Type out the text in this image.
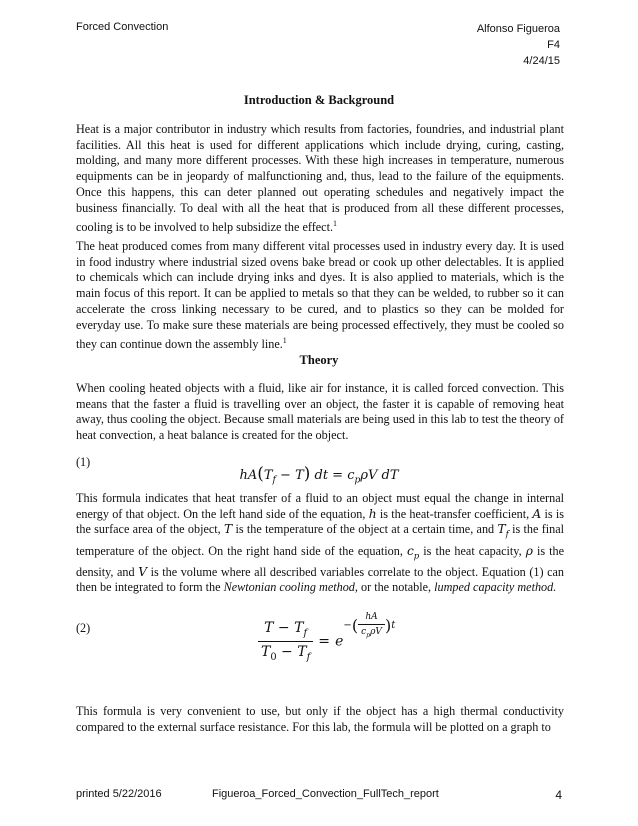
Forced Convection	Alfonso Figueroa
F4
4/24/15
Introduction & Background
Heat is a major contributor in industry which results from factories, foundries, and industrial plant facilities. All this heat is used for different applications which include drying, curing, casting, molding, and many more different processes. With these high increases in temperature, numerous equipments can be in jeopardy of malfunctioning and, thus, lead to the failure of the equipments. Once this happens, this can deter planned out operating schedules and negatively impact the business financially. To deal with all the heat that is produced from all these different processes, cooling is to be involved to help subsidize the effect.$^1$
The heat produced comes from many different vital processes used in industry every day. It is used in food industry where industrial sized ovens bake bread or cook up other delectables. It is applied to chemicals which can include drying inks and dyes. It is also applied to materials, which is the main focus of this report. It can be applied to metals so that they can be welded, to rubber so it can accelerate the cross linking necessary to be cured, and to plastics so they can be molded for everyday use. To make sure these materials are being processed effectively, they must be cooled so they can continue down the assembly line.$^1$
Theory
When cooling heated objects with a fluid, like air for instance, it is called forced convection. This means that the faster a fluid is travelling over an object, the faster it is capable of removing heat away, thus cooling the object. Because small materials are being used in this lab to test the theory of heat convection, a heat balance is created for the object.
(1)
$hA(T_f - T)$ dt = $c_p\rho V$ dT
This formula indicates that heat transfer of a fluid to an object must equal the change in internal energy of that object. On the left hand side of the equation, h is the heat-transfer coefficient, A is is the surface area of the object, T is the temperature of the object at a certain time, and $T_f$ is the final temperature of the object. On the right hand side of the equation, $c_p$ is the heat capacity, ρ is the density, and V is the volume where all described variables correlate to the object. Equation (1) can then be integrated to form the Newtonian cooling method, or the notable, lumped capacity method.
(2)	$\frac{T - T_f}{T_0 - T_f} = e-( \frac{hA}{c_p\rho V} )t$
This formula is very convenient to use, but only if the object has a high thermal conductivity compared to the external surface resistance. For this lab, the formula will be plotted on a graph to
printed 5/22/2016	Figueroa_Forced_Convection_FullTech_report	4
